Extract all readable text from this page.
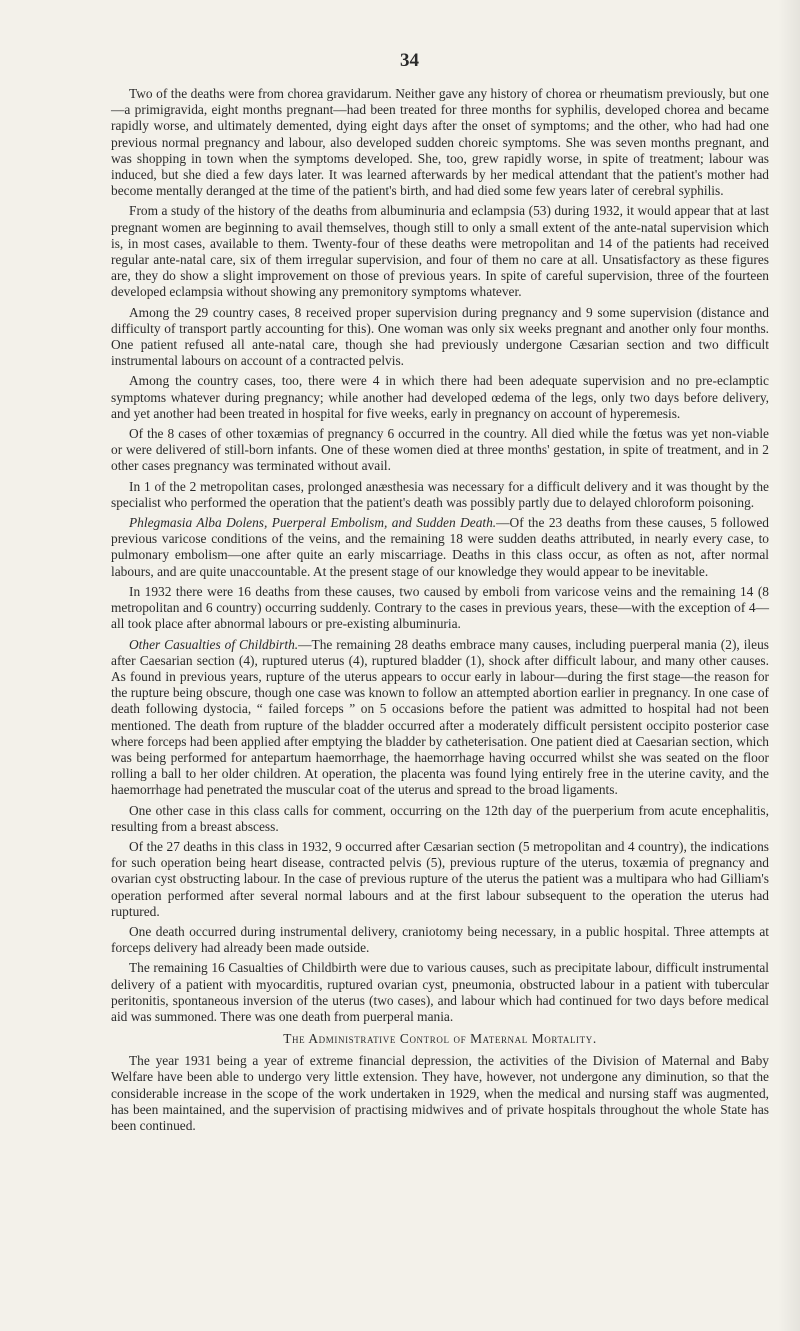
34

Two of the deaths were from chorea gravidarum. Neither gave any history of chorea or rheumatism previously, but one—a primigravida, eight months pregnant—had been treated for three months for syphilis, developed chorea and became rapidly worse, and ultimately demented, dying eight days after the onset of symptoms; and the other, who had had one previous normal pregnancy and labour, also developed sudden choreic symptoms. She was seven months pregnant, and was shopping in town when the symptoms developed. She, too, grew rapidly worse, in spite of treatment; labour was induced, but she died a few days later. It was learned afterwards by her medical attendant that the patient's mother had become mentally deranged at the time of the patient's birth, and had died some few years later of cerebral syphilis.

From a study of the history of the deaths from albuminuria and eclampsia (53) during 1932, it would appear that at last pregnant women are beginning to avail themselves, though still to only a small extent of the ante-natal supervision which is, in most cases, available to them. Twenty-four of these deaths were metropolitan and 14 of the patients had received regular ante-natal care, six of them irregular supervision, and four of them no care at all. Unsatisfactory as these figures are, they do show a slight improvement on those of previous years. In spite of careful supervision, three of the fourteen developed eclampsia without showing any premonitory symptoms whatever.

Among the 29 country cases, 8 received proper supervision during pregnancy and 9 some supervision (distance and difficulty of transport partly accounting for this). One woman was only six weeks pregnant and another only four months. One patient refused all ante-natal care, though she had previously undergone Cæsarian section and two difficult instrumental labours on account of a contracted pelvis.

Among the country cases, too, there were 4 in which there had been adequate supervision and no pre-eclamptic symptoms whatever during pregnancy; while another had developed œdema of the legs, only two days before delivery, and yet another had been treated in hospital for five weeks, early in pregnancy on account of hyperemesis.

Of the 8 cases of other toxæmias of pregnancy 6 occurred in the country. All died while the fœtus was yet non-viable or were delivered of still-born infants. One of these women died at three months' gestation, in spite of treatment, and in 2 other cases pregnancy was terminated without avail.

In 1 of the 2 metropolitan cases, prolonged anæsthesia was necessary for a difficult delivery and it was thought by the specialist who performed the operation that the patient's death was possibly partly due to delayed chloroform poisoning.

Phlegmasia Alba Dolens, Puerperal Embolism, and Sudden Death.—Of the 23 deaths from these causes, 5 followed previous varicose conditions of the veins, and the remaining 18 were sudden deaths attributed, in nearly every case, to pulmonary embolism—one after quite an early miscarriage. Deaths in this class occur, as often as not, after normal labours, and are quite unaccountable. At the present stage of our knowledge they would appear to be inevitable.

In 1932 there were 16 deaths from these causes, two caused by emboli from varicose veins and the remaining 14 (8 metropolitan and 6 country) occurring suddenly. Contrary to the cases in previous years, these—with the exception of 4—all took place after abnormal labours or pre-existing albuminuria.

Other Casualties of Childbirth.—The remaining 28 deaths embrace many causes, including puerperal mania (2), ileus after Caesarian section (4), ruptured uterus (4), ruptured bladder (1), shock after difficult labour, and many other causes. As found in previous years, rupture of the uterus appears to occur early in labour—during the first stage—the reason for the rupture being obscure, though one case was known to follow an attempted abortion earlier in pregnancy. In one case of death following dystocia, “ failed forceps ” on 5 occasions before the patient was admitted to hospital had not been mentioned. The death from rupture of the bladder occurred after a moderately difficult persistent occipito posterior case where forceps had been applied after emptying the bladder by catheterisation. One patient died at Caesarian section, which was being performed for antepartum haemorrhage, the haemorrhage having occurred whilst she was seated on the floor rolling a ball to her older children. At operation, the placenta was found lying entirely free in the uterine cavity, and the haemorrhage had penetrated the muscular coat of the uterus and spread to the broad ligaments.

One other case in this class calls for comment, occurring on the 12th day of the puerperium from acute encephalitis, resulting from a breast abscess.

Of the 27 deaths in this class in 1932, 9 occurred after Cæsarian section (5 metropolitan and 4 country), the indications for such operation being heart disease, contracted pelvis (5), previous rupture of the uterus, toxæmia of pregnancy and ovarian cyst obstructing labour. In the case of previous rupture of the uterus the patient was a multipara who had Gilliam's operation performed after several normal labours and at the first labour subsequent to the operation the uterus had ruptured.

One death occurred during instrumental delivery, craniotomy being necessary, in a public hospital. Three attempts at forceps delivery had already been made outside.

The remaining 16 Casualties of Childbirth were due to various causes, such as precipitate labour, difficult instrumental delivery of a patient with myocarditis, ruptured ovarian cyst, pneumonia, obstructed labour in a patient with tubercular peritonitis, spontaneous inversion of the uterus (two cases), and labour which had continued for two days before medical aid was summoned. There was one death from puerperal mania.

The Administrative Control of Maternal Mortality.

The year 1931 being a year of extreme financial depression, the activities of the Division of Maternal and Baby Welfare have been able to undergo very little extension. They have, however, not undergone any diminution, so that the considerable increase in the scope of the work undertaken in 1929, when the medical and nursing staff was augmented, has been maintained, and the supervision of practising midwives and of private hospitals throughout the whole State has been continued.
